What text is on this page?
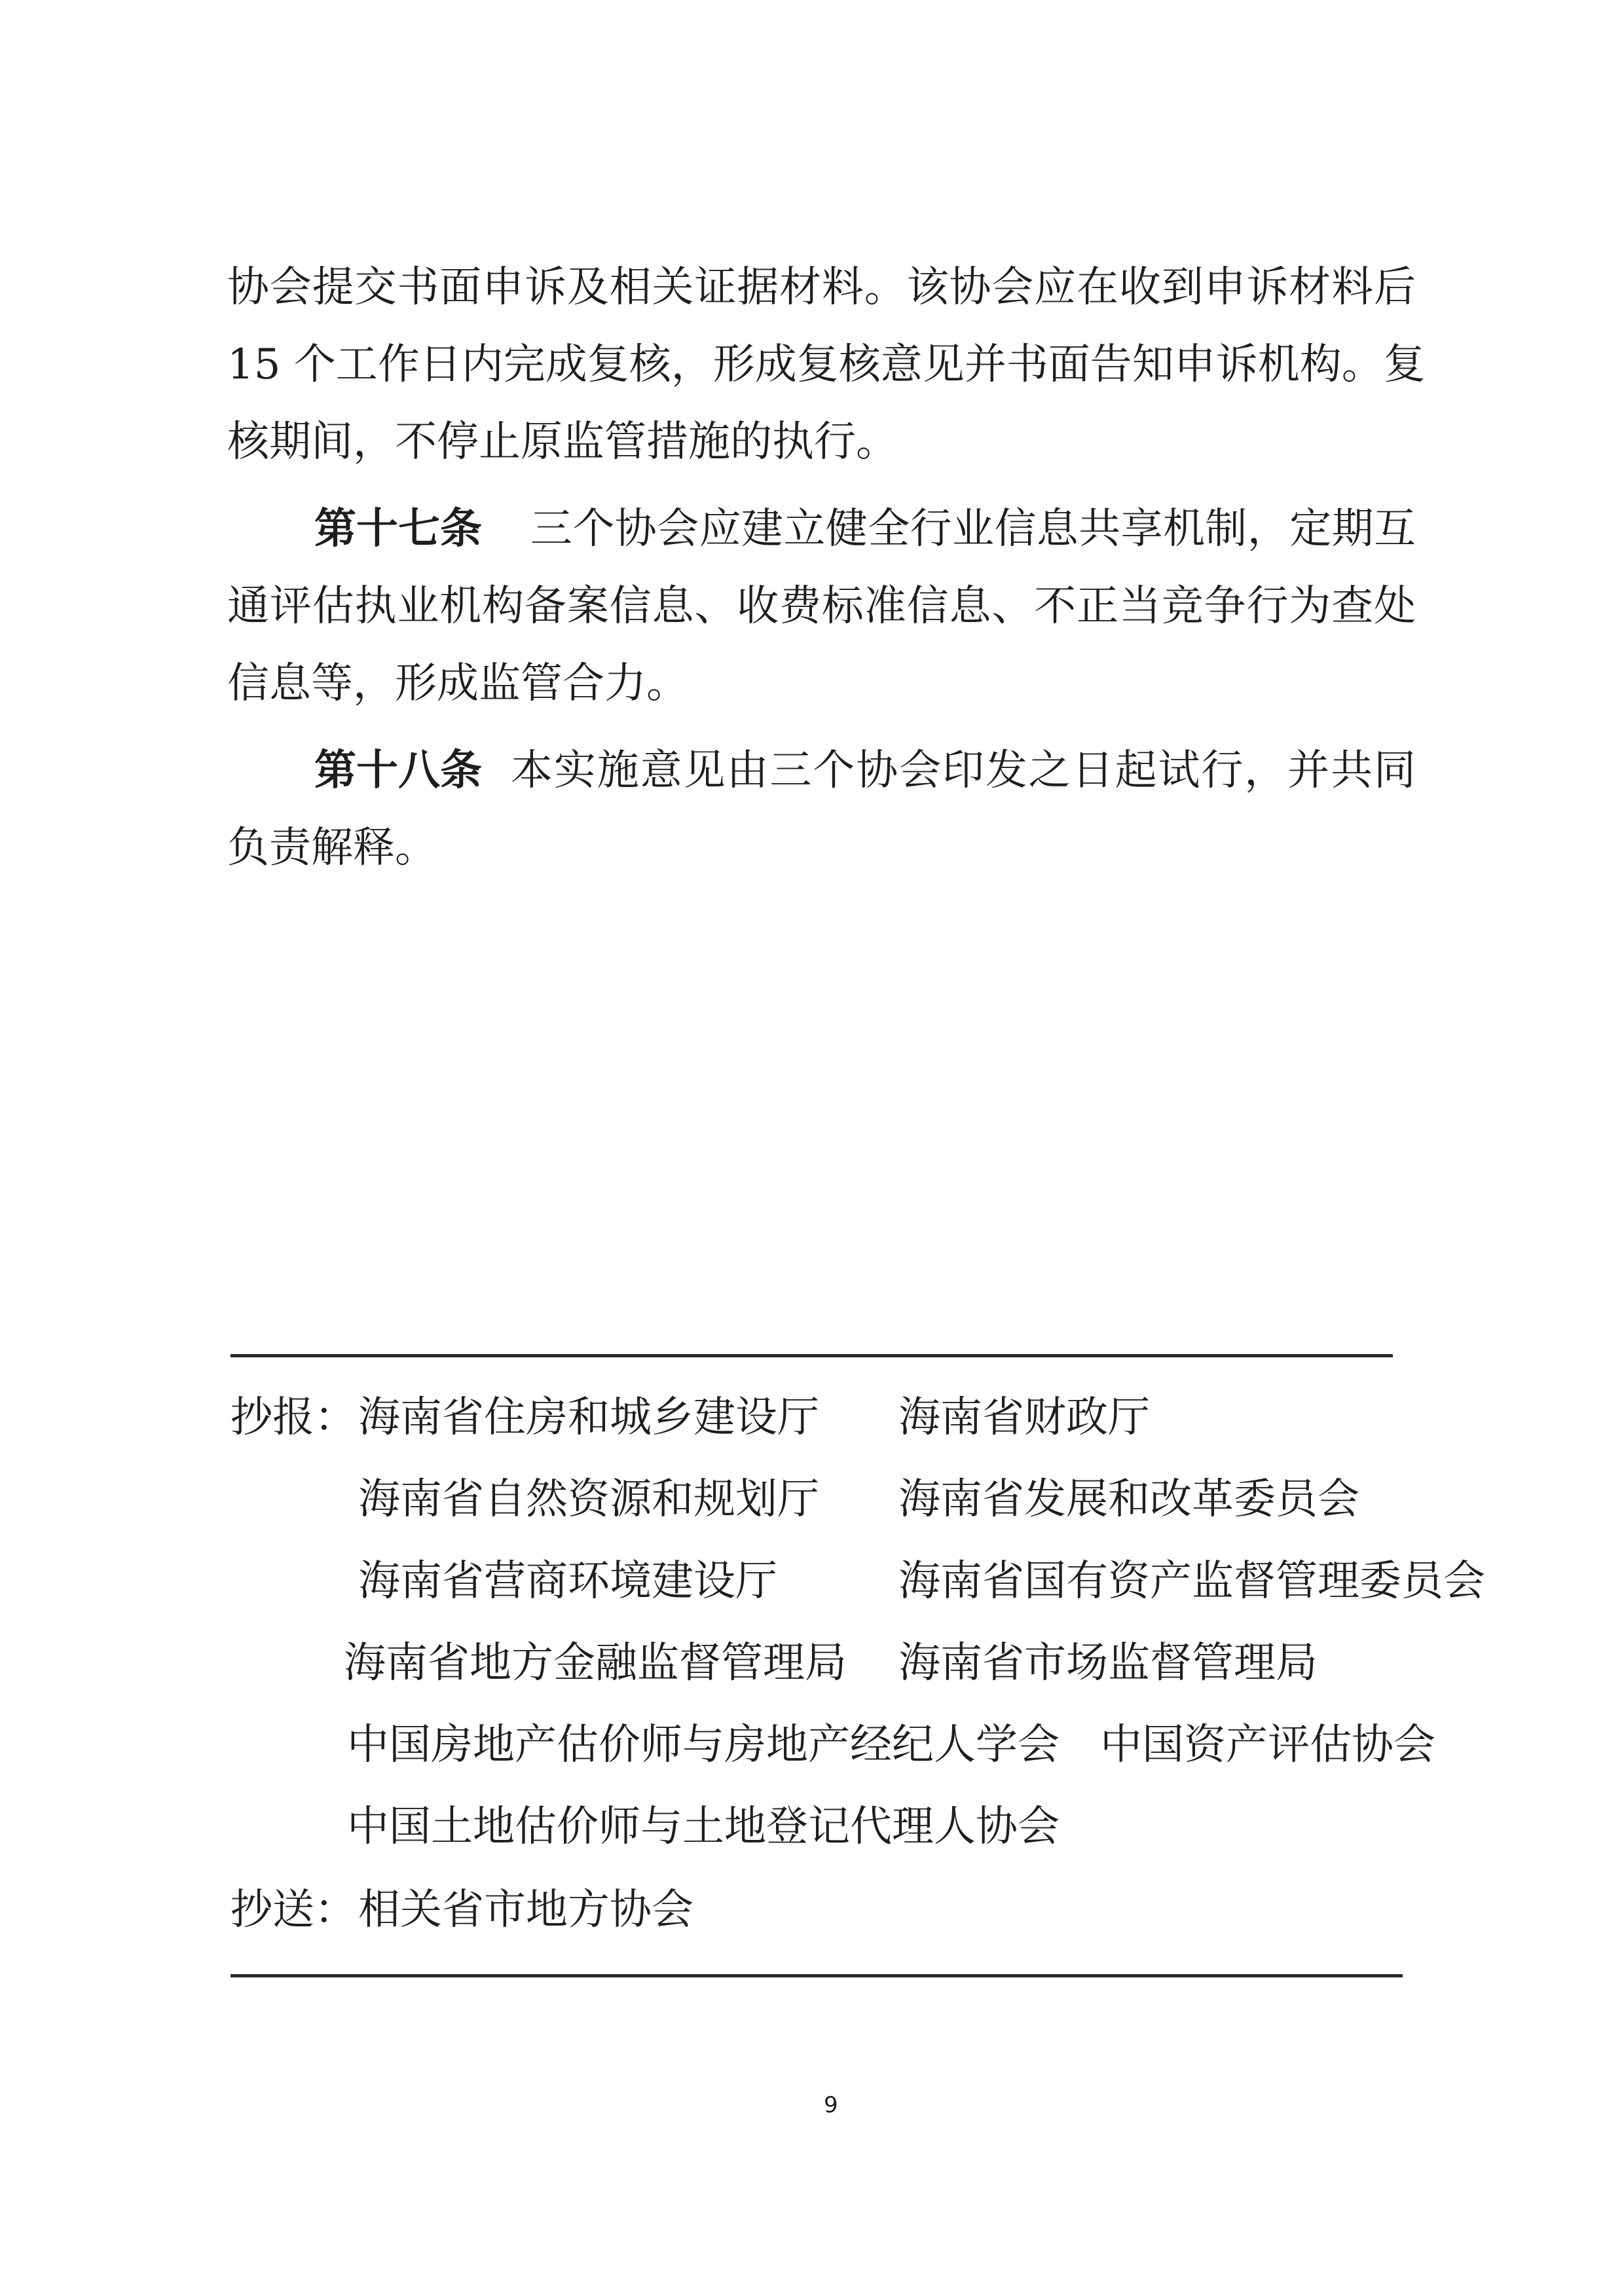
协会提交书面申诉及相关证据材料。该协会应在收到申诉材料后
15 个工作日内完成复核，形成复核意见并书面告知申诉机构。复
核期间，不停止原监管措施的执行。
第十七条 三个协会应建立健全行业信息共享机制，定期互
通评估执业机构备案信息、收费标准信息、不正当竞争行为查处
信息等，形成监管合力。
第十八条 本实施意见由三个协会印发之日起试行，并共同
负责解释。
抄报： 海南省住房和城乡建设厅 海南省财政厅
海南省自然资源和规划厅 海南省发展和改革委员会
海南省营商环境建设厅	海南省国有资产监督管理委员会
海南省地方金融监督管理局 海南省市场监督管理局
中国房地产估价师与房地产经纪人学会 中国资产评估协会
中国土地估价师与土地登记代理人协会
抄送： 相关省市地方协会
9
